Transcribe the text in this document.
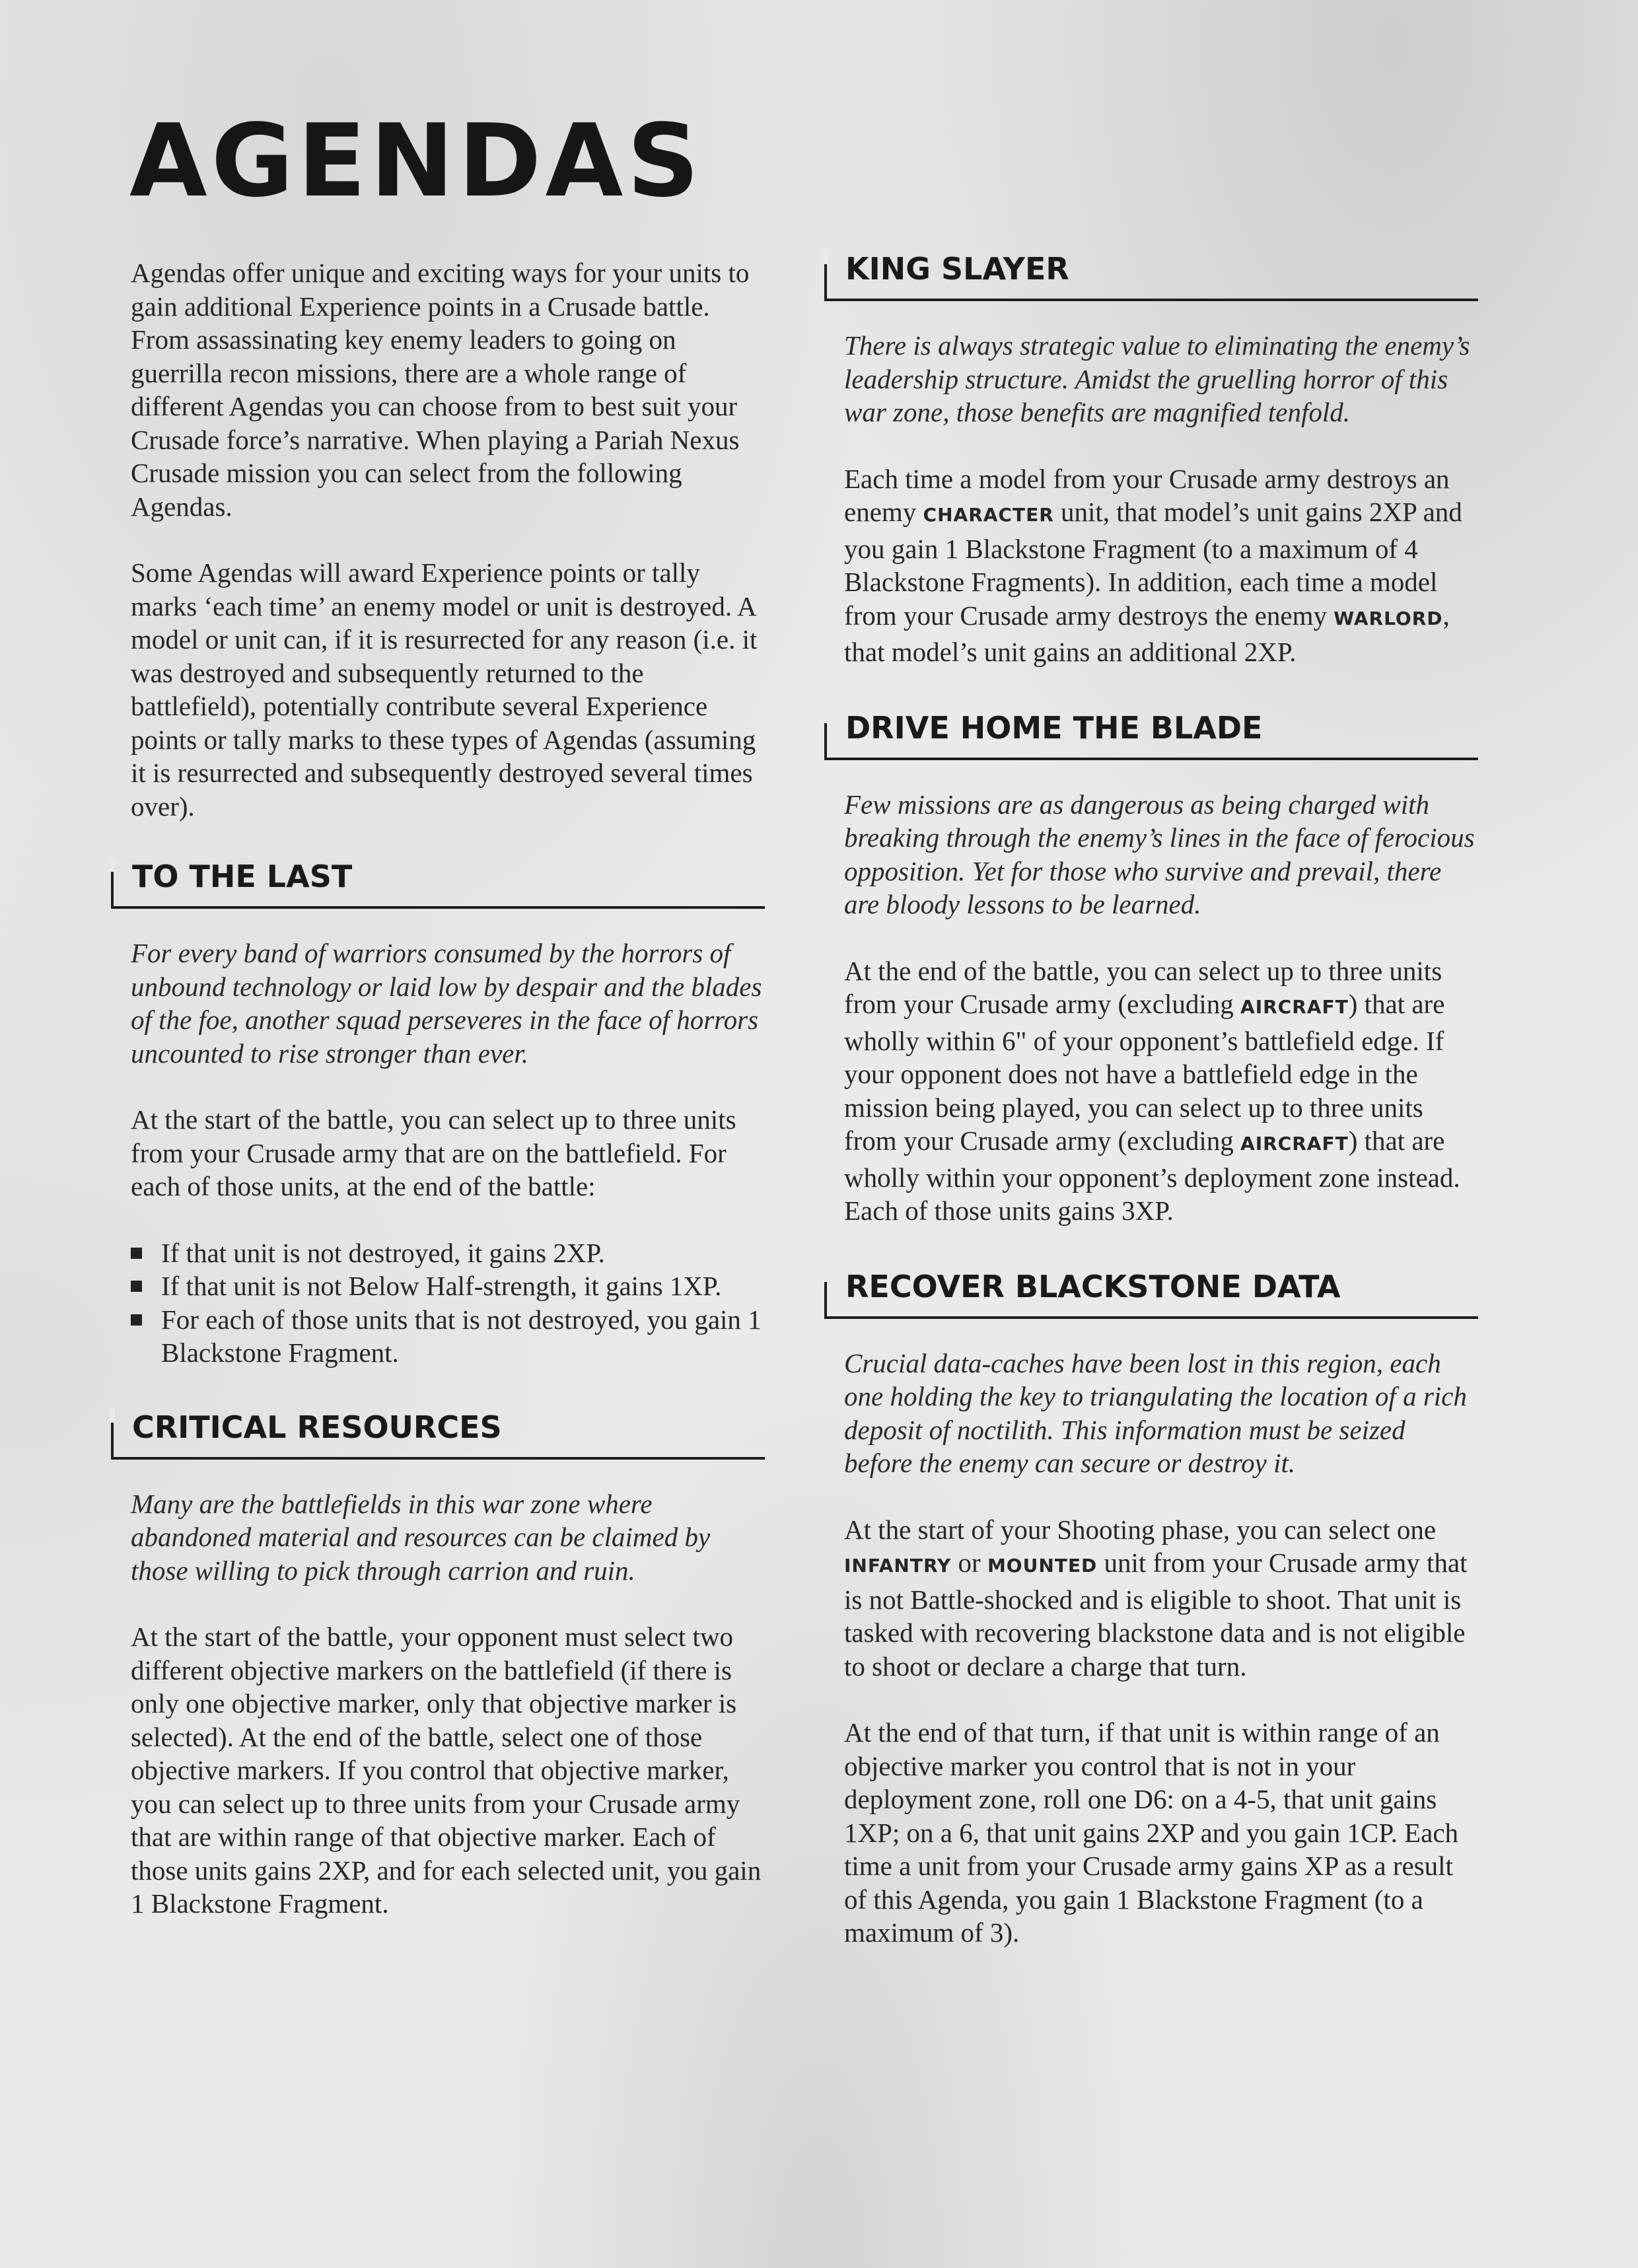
AGENDAS

Agendas offer unique and exciting ways for your units to gain additional Experience points in a Crusade battle. From assassinating key enemy leaders to going on guerrilla recon missions, there are a whole range of different Agendas you can choose from to best suit your Crusade force’s narrative. When playing a Pariah Nexus Crusade mission you can select from the following Agendas.

Some Agendas will award Experience points or tally marks ‘each time’ an enemy model or unit is destroyed. A model or unit can, if it is resurrected for any reason (i.e. it was destroyed and subsequently returned to the battlefield), potentially contribute several Experience points or tally marks to these types of Agendas (assuming it is resurrected and subsequently destroyed several times over).

TO THE LAST

For every band of warriors consumed by the horrors of unbound technology or laid low by despair and the blades of the foe, another squad perseveres in the face of horrors uncounted to rise stronger than ever.

At the start of the battle, you can select up to three units from your Crusade army that are on the battlefield. For each of those units, at the end of the battle:

If that unit is not destroyed, it gains 2XP.
If that unit is not Below Half-strength, it gains 1XP.
For each of those units that is not destroyed, you gain 1 Blackstone Fragment.
CRITICAL RESOURCES

Many are the battlefields in this war zone where abandoned material and resources can be claimed by those willing to pick through carrion and ruin.

At the start of the battle, your opponent must select two different objective markers on the battlefield (if there is only one objective marker, only that objective marker is selected). At the end of the battle, select one of those objective markers. If you control that objective marker, you can select up to three units from your Crusade army that are within range of that objective marker. Each of those units gains 2XP, and for each selected unit, you gain 1 Blackstone Fragment.

KING SLAYER

There is always strategic value to eliminating the enemy’s leadership structure. Amidst the gruelling horror of this war zone, those benefits are magnified tenfold.

Each time a model from your Crusade army destroys an enemy CHARACTER unit, that model’s unit gains 2XP and you gain 1 Blackstone Fragment (to a maximum of 4 Blackstone Fragments). In addition, each time a model from your Crusade army destroys the enemy WARLORD, that model’s unit gains an additional 2XP.

DRIVE HOME THE BLADE

Few missions are as dangerous as being charged with breaking through the enemy’s lines in the face of ferocious opposition. Yet for those who survive and prevail, there are bloody lessons to be learned.

At the end of the battle, you can select up to three units from your Crusade army (excluding AIRCRAFT) that are wholly within 6" of your opponent’s battlefield edge. If your opponent does not have a battlefield edge in the mission being played, you can select up to three units from your Crusade army (excluding AIRCRAFT) that are wholly within your opponent’s deployment zone instead. Each of those units gains 3XP.

RECOVER BLACKSTONE DATA

Crucial data-caches have been lost in this region, each one holding the key to triangulating the location of a rich deposit of noctilith. This information must be seized before the enemy can secure or destroy it.

At the start of your Shooting phase, you can select one INFANTRY or MOUNTED unit from your Crusade army that is not Battle-shocked and is eligible to shoot. That unit is tasked with recovering blackstone data and is not eligible to shoot or declare a charge that turn.

At the end of that turn, if that unit is within range of an objective marker you control that is not in your deployment zone, roll one D6: on a 4-5, that unit gains 1XP; on a 6, that unit gains 2XP and you gain 1CP. Each time a unit from your Crusade army gains XP as a result of this Agenda, you gain 1 Blackstone Fragment (to a maximum of 3).
